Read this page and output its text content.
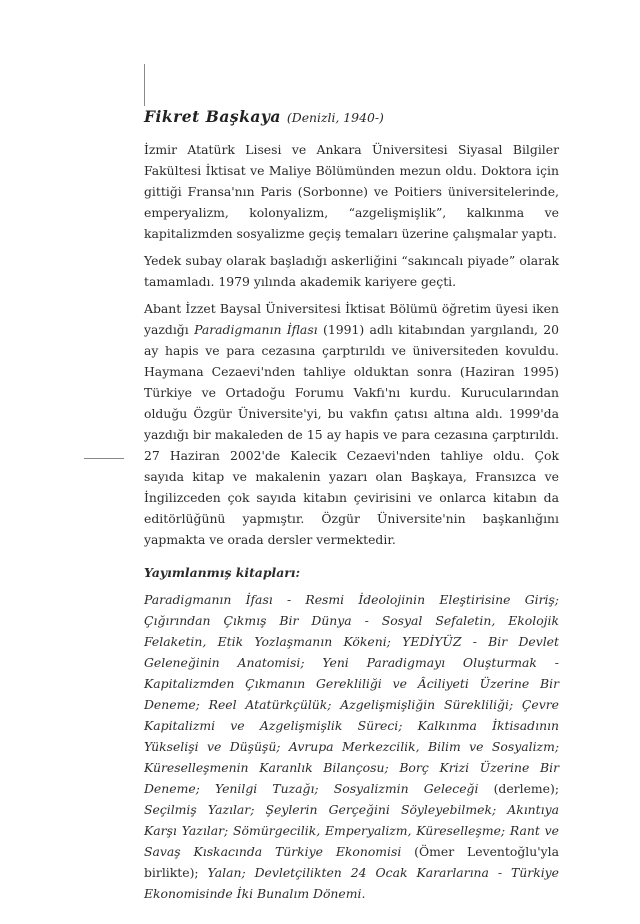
Fikret Başkaya (Denizli, 1940-)

İzmir Atatürk Lisesi ve Ankara Üniversitesi Siyasal Bilgiler Fakültesi İktisat ve Maliye Bölümünden mezun oldu. Doktora için gittiği Fransa'nın Paris (Sorbonne) ve Poitiers üniversitelerinde, emperyalizm, kolonyalizm, “azgelişmişlik”, kalkınma ve kapitalizmden sosyalizme geçiş temaları üzerine çalışmalar yaptı.

Yedek subay olarak başladığı askerliğini “sakıncalı piyade” olarak tamamladı. 1979 yılında akademik kariyere geçti.

Abant İzzet Baysal Üniversitesi İktisat Bölümü öğretim üyesi iken yazdığı Paradigmanın İflası (1991) adlı kitabından yargılandı, 20 ay hapis ve para cezasına çarptırıldı ve üniversiteden kovuldu. Haymana Cezaevi'nden tahliye olduktan sonra (Haziran 1995) Türkiye ve Ortadoğu Forumu Vakfı'nı kurdu. Kurucularından olduğu Özgür Üniversite'yi, bu vakfın çatısı altına aldı. 1999'da yazdığı bir makaleden de 15 ay hapis ve para cezasına çarptırıldı. 27 Haziran 2002'de Kalecik Cezaevi'nden tahliye oldu. Çok sayıda kitap ve makalenin yazarı olan Başkaya, Fransızca ve İngilizceden çok sayıda kitabın çevirisini ve onlarca kitabın da editörlüğünü yapmıştır. Özgür Üniversite'nin başkanlığını yapmakta ve orada dersler vermektedir.

Yayımlanmış kitapları:

Paradigmanın İfası - Resmi İdeolojinin Eleştirisine Giriş; Çığırından Çıkmış Bir Dünya - Sosyal Sefaletin, Ekolojik Felaketin, Etik Yozlaşmanın Kökeni; YEDİYÜZ - Bir Devlet Geleneğinin Anatomisi; Yeni Paradigmayı Oluşturmak - Kapitalizmden Çıkmanın Gerekliliği ve Âciliyeti Üzerine Bir Deneme; Reel Atatürkçülük; Azgelişmişliğin Sürekliliği; Çevre Kapitalizmi ve Azgelişmişlik Süreci; Kalkınma İktisadının Yükselişi ve Düşüşü; Avrupa Merkezcilik, Bilim ve Sosyalizm; Küreselleşmenin Karanlık Bilançosu; Borç Krizi Üzerine Bir Deneme; Yenilgi Tuzağı; Sosyalizmin Geleceği (derleme); Seçilmiş Yazılar; Şeylerin Gerçeğini Söyleyebilmek; Akıntıya Karşı Yazılar; Sömürgecilik, Emperyalizm, Küreselleşme; Rant ve Savaş Kıskacında Türkiye Ekonomisi (Ömer Leventoğlu'yla birlikte); Yalan; Devletçilikten 24 Ocak Kararlarına - Türkiye Ekonomisinde İki Bunalım Dönemi.
